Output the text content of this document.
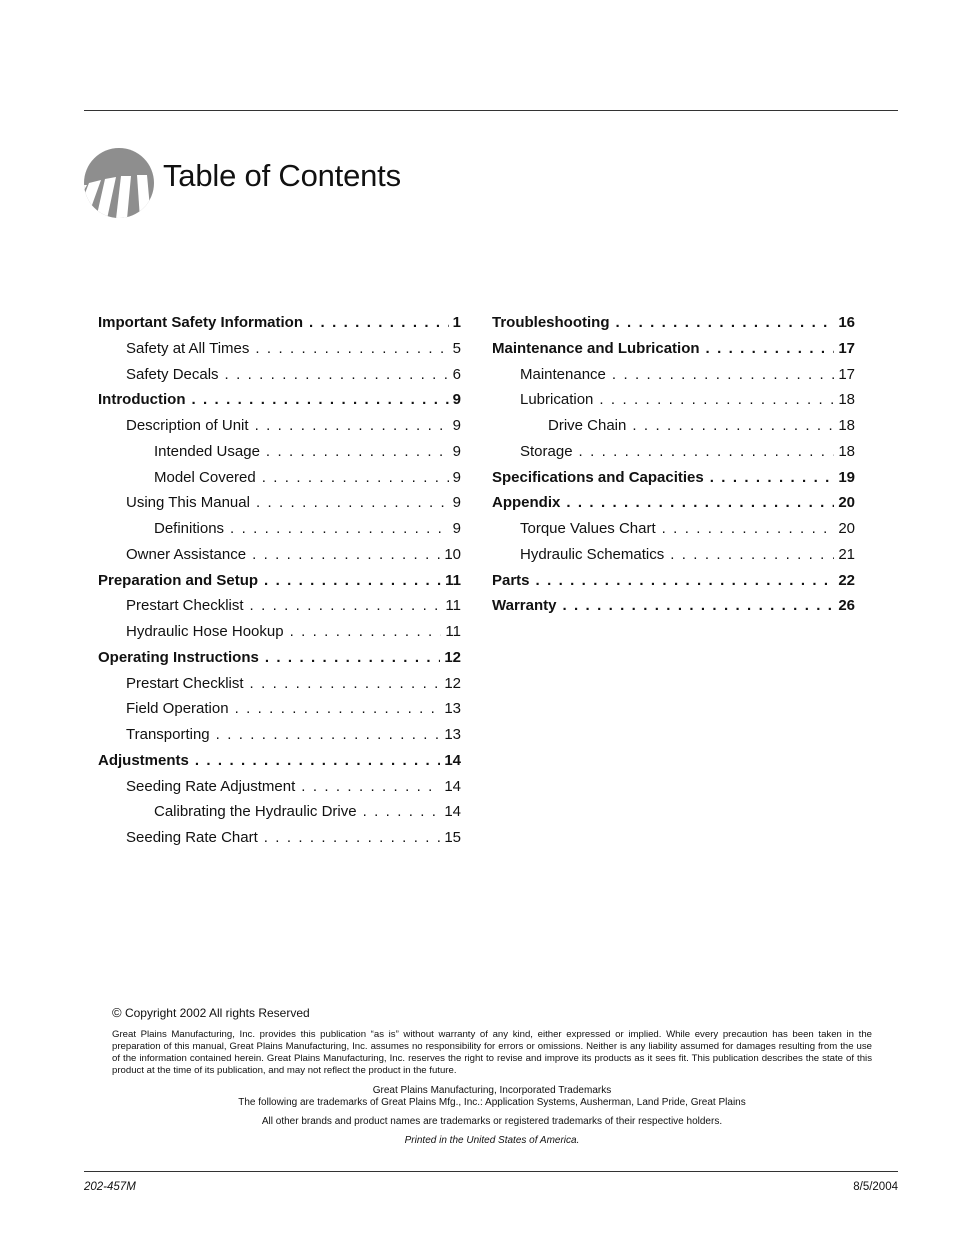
Table of Contents
Important Safety Information . . .	1
Safety at All Times . . .	5
Safety Decals . . .	6
Introduction . . .	9
Description of Unit . . .	9
Intended Usage . . .	9
Model Covered . . .	9
Using This Manual . . .	9
Definitions . . .	9
Owner Assistance . . .	10
Preparation and Setup . . .	11
Prestart Checklist . . .	11
Hydraulic Hose Hookup . . .	11
Operating Instructions . . .	12
Prestart Checklist . . .	12
Field Operation . . .	13
Transporting . . .	13
Adjustments . . .	14
Seeding Rate Adjustment . . .	14
Calibrating the Hydraulic Drive . . .	14
Seeding Rate Chart . . .	15
Troubleshooting . . .	16
Maintenance and Lubrication . . .	17
Maintenance . . .	17
Lubrication . . .	18
Drive Chain . . .	18
Storage . . .	18
Specifications and Capacities . . .	19
Appendix . . .	20
Torque Values Chart . . .	20
Hydraulic Schematics . . .	21
Parts . . .	22
Warranty . . .	26
© Copyright 2002 All rights Reserved
Great Plains Manufacturing, Inc. provides this publication “as is” without warranty of any kind, either expressed or implied. While every precaution has been taken in the preparation of this manual, Great Plains Manufacturing, Inc. assumes no responsibility for errors or omissions. Neither is any liability assumed for damages resulting from the use of the information contained herein. Great Plains Manufacturing, Inc. reserves the right to revise and improve its products as it sees fit. This publication describes the state of this product at the time of its publication, and may not reflect the product in the future.
Great Plains Manufacturing, Incorporated Trademarks
The following are trademarks of Great Plains Mfg., Inc.: Application Systems, Ausherman, Land Pride, Great Plains
All other brands and product names are trademarks or registered trademarks of their respective holders.
Printed in the United States of America.
202-457M	8/5/2004
